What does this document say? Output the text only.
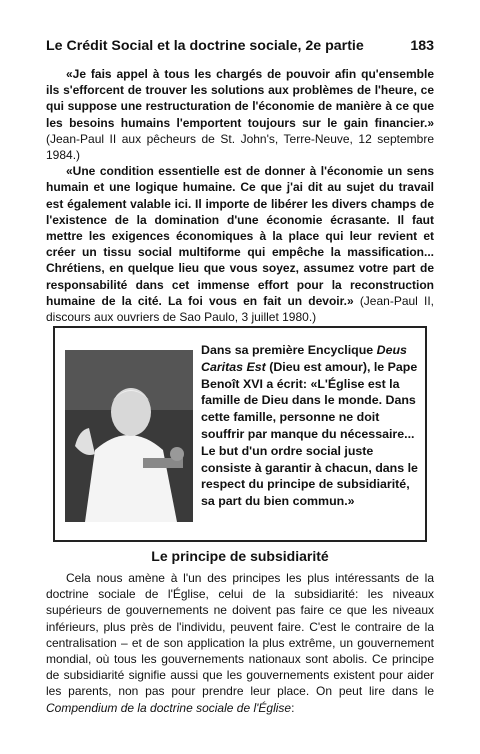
Le Crédit Social et la doctrine sociale, 2e partie	183

«Je fais appel à tous les chargés de pouvoir afin qu'ensemble ils s'efforcent de trouver les solutions aux problèmes de l'heure, ce qui suppose une restructuration de l'économie de manière à ce que les besoins humains l'emportent toujours sur le gain financier.» (Jean-Paul II aux pêcheurs de St. John's, Terre-Neuve, 12 septembre 1984.)

«Une condition essentielle est de donner à l'économie un sens humain et une logique humaine. Ce que j'ai dit au sujet du travail est également valable ici. Il importe de libérer les divers champs de l'existence de la domination d'une économie écrasante. Il faut mettre les exigences économiques à la place qui leur revient et créer un tissu social multiforme qui empêche la massification... Chrétiens, en quelque lieu que vous soyez, assumez votre part de responsabilité dans cet immense effort pour la reconstruction humaine de la cité. La foi vous en fait un devoir.» (Jean-Paul II, discours aux ouvriers de Sao Paulo, 3 juillet 1980.)

Dans sa première Encyclique Deus Caritas Est (Dieu est amour), le Pape Benoît XVI a écrit: «L'Église est la famille de Dieu dans le monde. Dans cette famille, personne ne doit souffrir par manque du nécessaire... Le but d'un ordre social juste consiste à garantir à chacun, dans le respect du principe de subsidiarité, sa part du bien commun.»
Le principe de subsidiarité

Cela nous amène à l'un des principes les plus intéressants de la doctrine sociale de l'Église, celui de la subsidiarité: les niveaux supérieurs de gouvernements ne doivent pas faire ce que les niveaux inférieurs, plus près de l'individu, peuvent faire. C'est le contraire de la centralisation – et de son application la plus extrême, un gouvernement mondial, où tous les gouvernements nationaux sont abolis. Ce principe de subsidiarité signifie aussi que les gouvernements existent pour aider les parents, non pas pour prendre leur place. On peut lire dans le Compendium de la doctrine sociale de l'Église:
